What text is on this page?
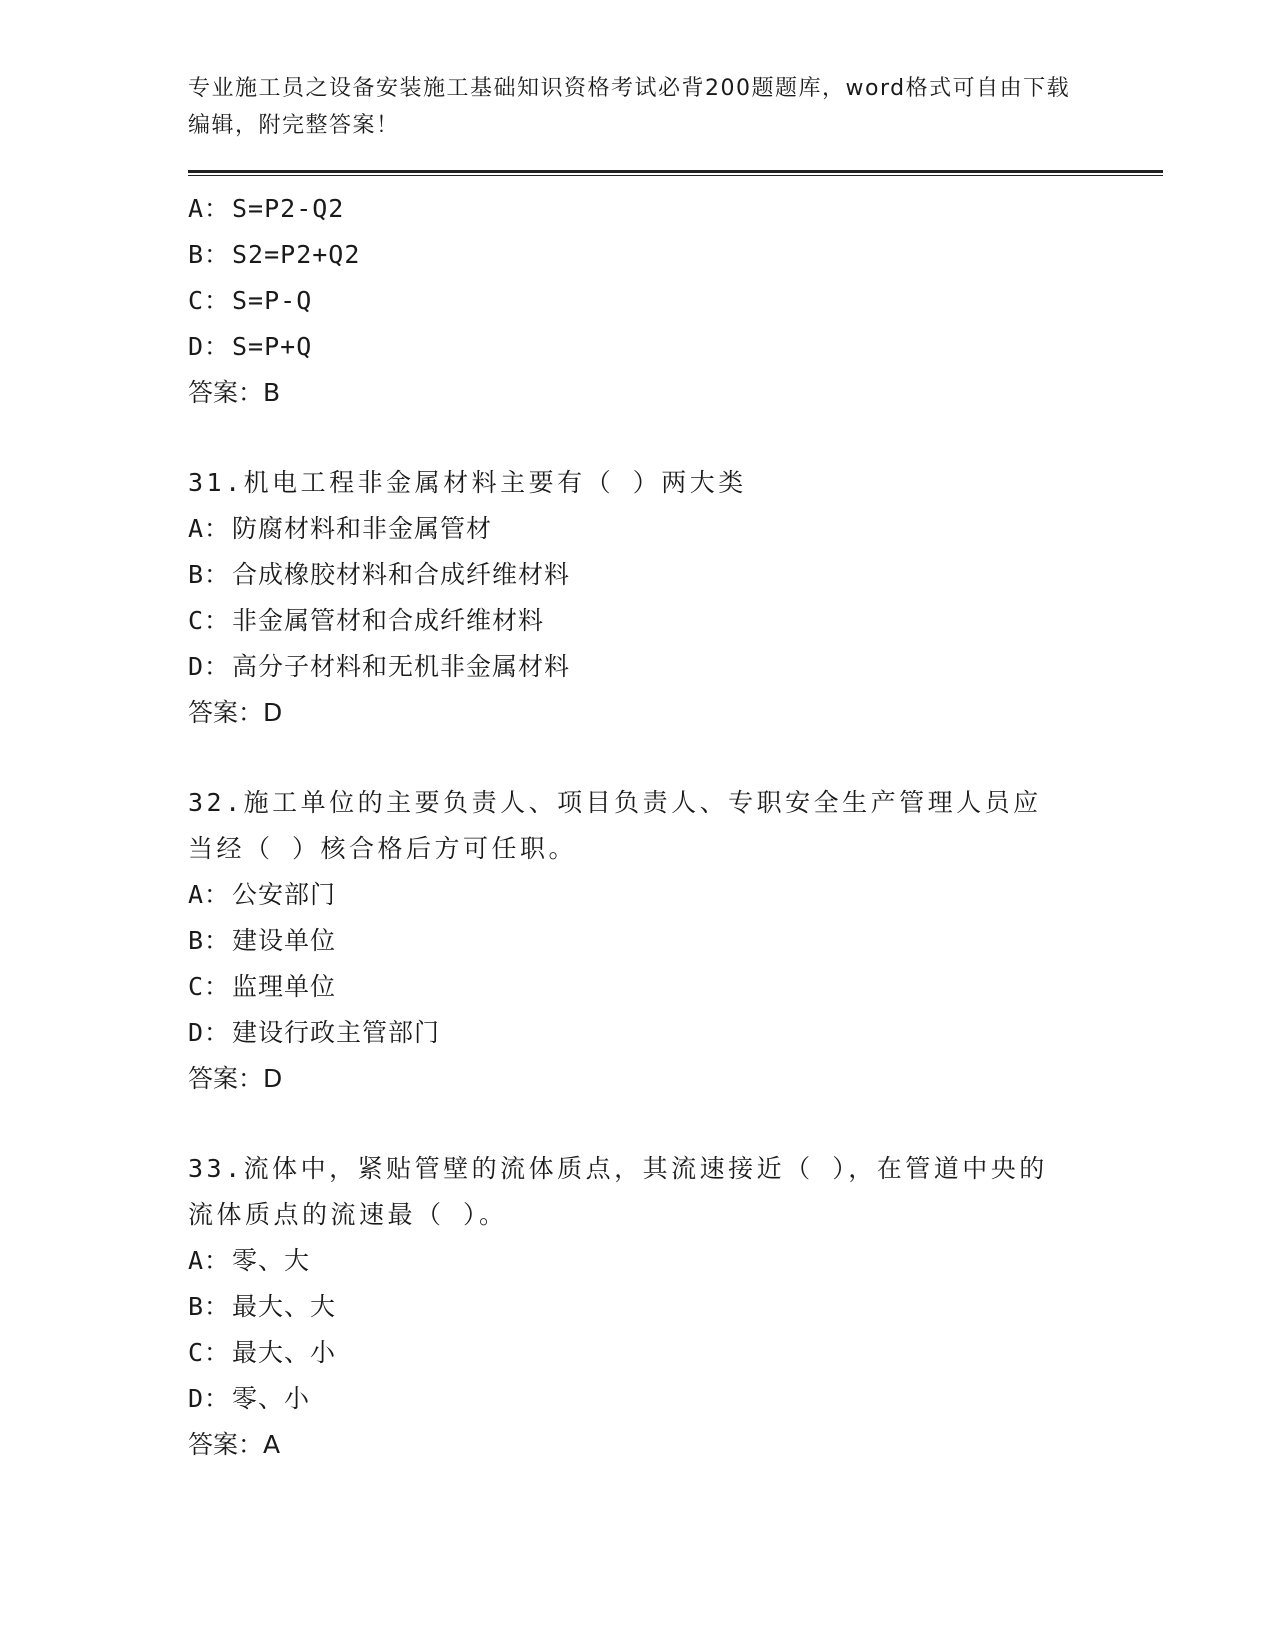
专业施工员之设备安装施工基础知识资格考试必背200题题库，word格式可自由下载编辑，附完整答案！

A：S=P2-Q2
B：S2=P2+Q2
C：S=P-Q
D：S=P+Q
答案：B
31.机电工程非金属材料主要有（ ）两大类
A：防腐材料和非金属管材
B：合成橡胶材料和合成纤维材料
C：非金属管材和合成纤维材料
D：高分子材料和无机非金属材料
答案：D
32.施工单位的主要负责人、项目负责人、专职安全生产管理人员应当经（ ）核合格后方可任职。
A：公安部门
B：建设单位
C：监理单位
D：建设行政主管部门
答案：D
33.流体中，紧贴管壁的流体质点，其流速接近（ ），在管道中央的流体质点的流速最（ ）。
A：零、大
B：最大、大
C：最大、小
D：零、小
答案：A
